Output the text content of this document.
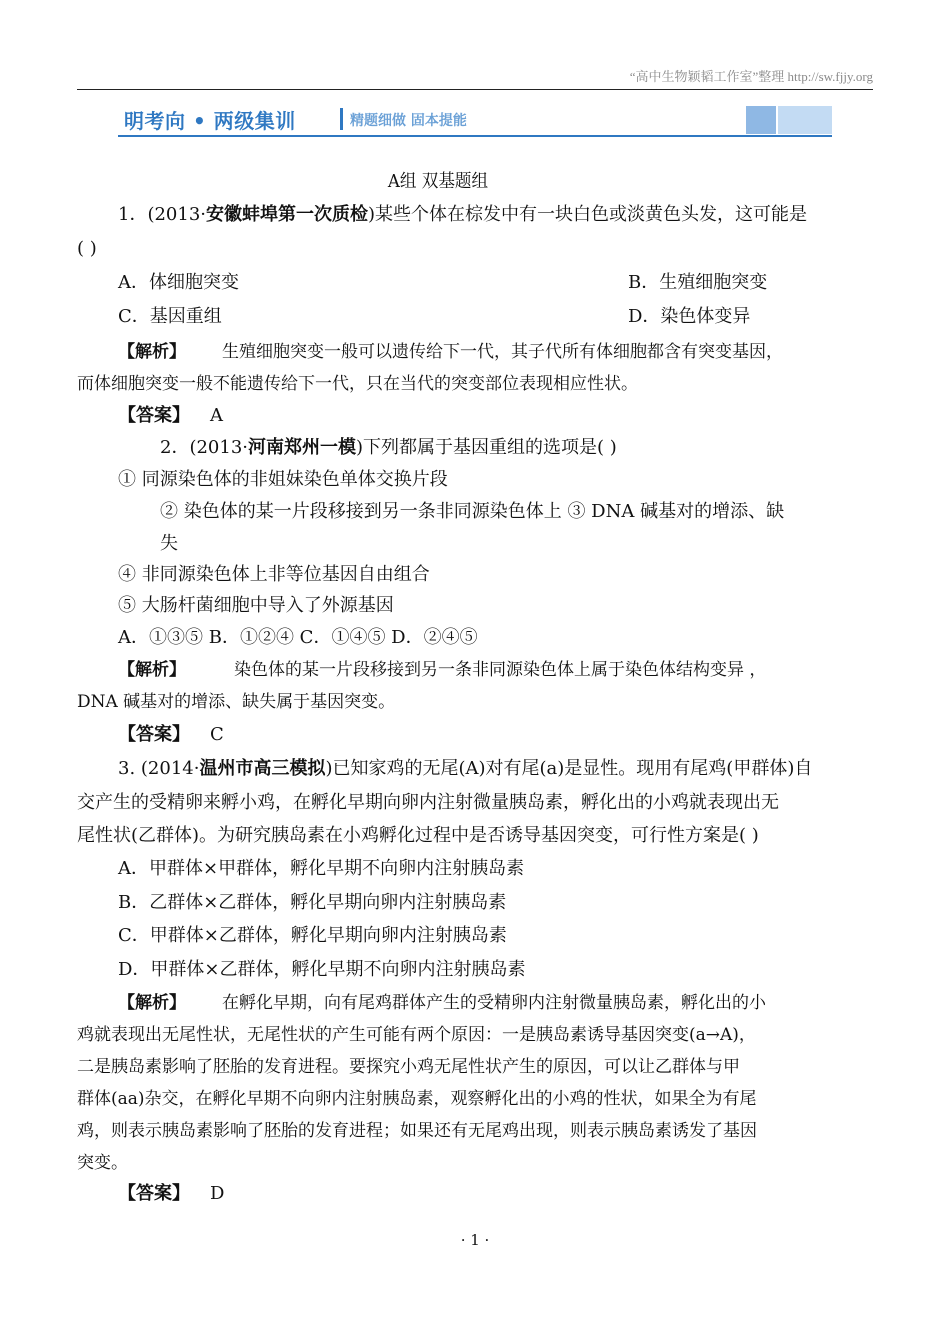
“高中生物颖韬工作室”整理 http://sw.fjjy.org
明考向 • 两级集训	精题细做 固本提能
A组 双基题组
1．(2013·安徽蚌埠第一次质检)某些个体在棕发中有一块白色或淡黄色头发，这可能是
( )
A．体细胞突变	B．生殖细胞突变
C．基因重组	D．染色体变异
【解析】 生殖细胞突变一般可以遗传给下一代，其子代所有体细胞都含有突变基因，
而体细胞突变一般不能遗传给下一代，只在当代的突变部位表现相应性状。
【答案】 A
2．(2013·河南郑州一模)下列都属于基因重组的选项是( )
① 同源染色体的非姐妹染色单体交换片段
② 染色体的某一片段移接到另一条非同源染色体上 ③ DNA 碱基对的增添、缺
失
④ 非同源染色体上非等位基因自由组合
⑤ 大肠杆菌细胞中导入了外源基因
A．①③⑤ B．①②④ C．①④⑤ D．②④⑤
【解析】	染色体的某一片段移接到另一条非同源染色体上属于染色体结构变异 ，
DNA 碱基对的增添、缺失属于基因突变。
【答案】 C
3. (2014·温州市高三模拟)已知家鸡的无尾(A)对有尾(a)是显性。现用有尾鸡(甲群体)自
交产生的受精卵来孵小鸡，在孵化早期向卵内注射微量胰岛素，孵化出的小鸡就表现出无
尾性状(乙群体)。为研究胰岛素在小鸡孵化过程中是否诱导基因突变，可行性方案是( )
A．甲群体×甲群体，孵化早期不向卵内注射胰岛素
B．乙群体×乙群体，孵化早期向卵内注射胰岛素
C．甲群体×乙群体，孵化早期向卵内注射胰岛素
D．甲群体×乙群体，孵化早期不向卵内注射胰岛素
【解析】 在孵化早期，向有尾鸡群体产生的受精卵内注射微量胰岛素，孵化出的小
鸡就表现出无尾性状，无尾性状的产生可能有两个原因：一是胰岛素诱导基因突变(a→A)，
二是胰岛素影响了胚胎的发育进程。要探究小鸡无尾性状产生的原因，可以让乙群体与甲
群体(aa)杂交，在孵化早期不向卵内注射胰岛素，观察孵化出的小鸡的性状，如果全为有尾
鸡，则表示胰岛素影响了胚胎的发育进程；如果还有无尾鸡出现，则表示胰岛素诱发了基因
突变。
【答案】 D
· 1 ·
